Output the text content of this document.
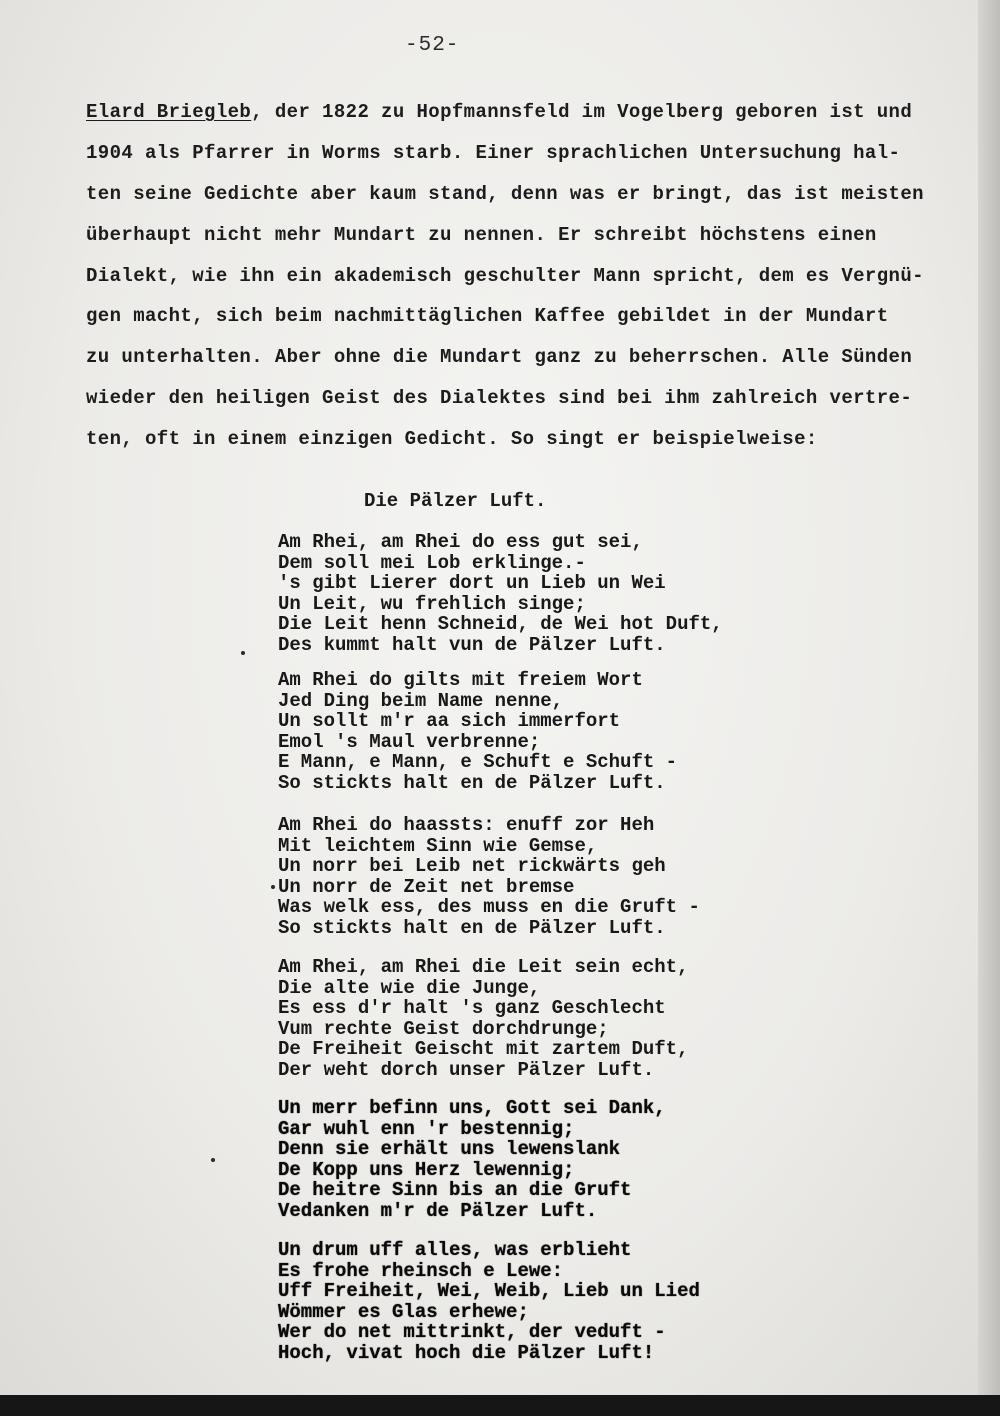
-52-
Elard Briegleb, der 1822 zu Hopfmannsfeld im Vogelberg geboren ist und
1904 als Pfarrer in Worms starb. Einer sprachlichen Untersuchung hal-
ten seine Gedichte aber kaum stand, denn was er bringt, das ist meisten
überhaupt nicht mehr Mundart zu nennen. Er schreibt höchstens einen
Dialekt, wie ihn ein akademisch geschulter Mann spricht, dem es Vergnü-
gen macht, sich beim nachmittäglichen Kaffee gebildet in der Mundart
zu unterhalten. Aber ohne die Mundart ganz zu beherrschen. Alle Sünden
wieder den heiligen Geist des Dialektes sind bei ihm zahlreich vertre-
ten, oft in einem einzigen Gedicht. So singt er beispielweise:
Die Pälzer Luft.
Am Rhei, am Rhei do ess gut sei,
Dem soll mei Lob erklinge.-
's gibt Lierer dort un Lieb un Wei
Un Leit, wu frehlich singe;
Die Leit henn Schneid, de Wei hot Duft,
Des kummt halt vun de Pälzer Luft.
Am Rhei do gilts mit freiem Wort
Jed Ding beim Name nenne,
Un sollt m'r aa sich immerfort
Emol 's Maul verbrenne;
E Mann, e Mann, e Schuft e Schuft -
So stickts halt en de Pälzer Luft.
Am Rhei do haassts: enuff zor Heh
Mit leichtem Sinn wie Gemse,
Un norr bei Leib net rickwärts geh
Un norr de Zeit net bremse
Was welk ess, des muss en die Gruft -
So stickts halt en de Pälzer Luft.
Am Rhei, am Rhei die Leit sein echt,
Die alte wie die Junge,
Es ess d'r halt 's ganz Geschlecht
Vum rechte Geist dorchdrunge;
De Freiheit Geischt mit zartem Duft,
Der weht dorch unser Pälzer Luft.
Un merr befinn uns, Gott sei Dank,
Gar wuhl enn 'r bestennig;
Denn sie erhält uns lewenslank
De Kopp uns Herz lewennig;
De heitre Sinn bis an die Gruft
Vedanken m'r de Pälzer Luft.
Un drum uff alles, was erblieht
Es frohe rheinsch e Lewe:
Uff Freiheit, Wei, Weib, Lieb un Lied
Wömmer es Glas erhewe;
Wer do net mittrinkt, der veduft -
Hoch, vivat hoch die Pälzer Luft!
